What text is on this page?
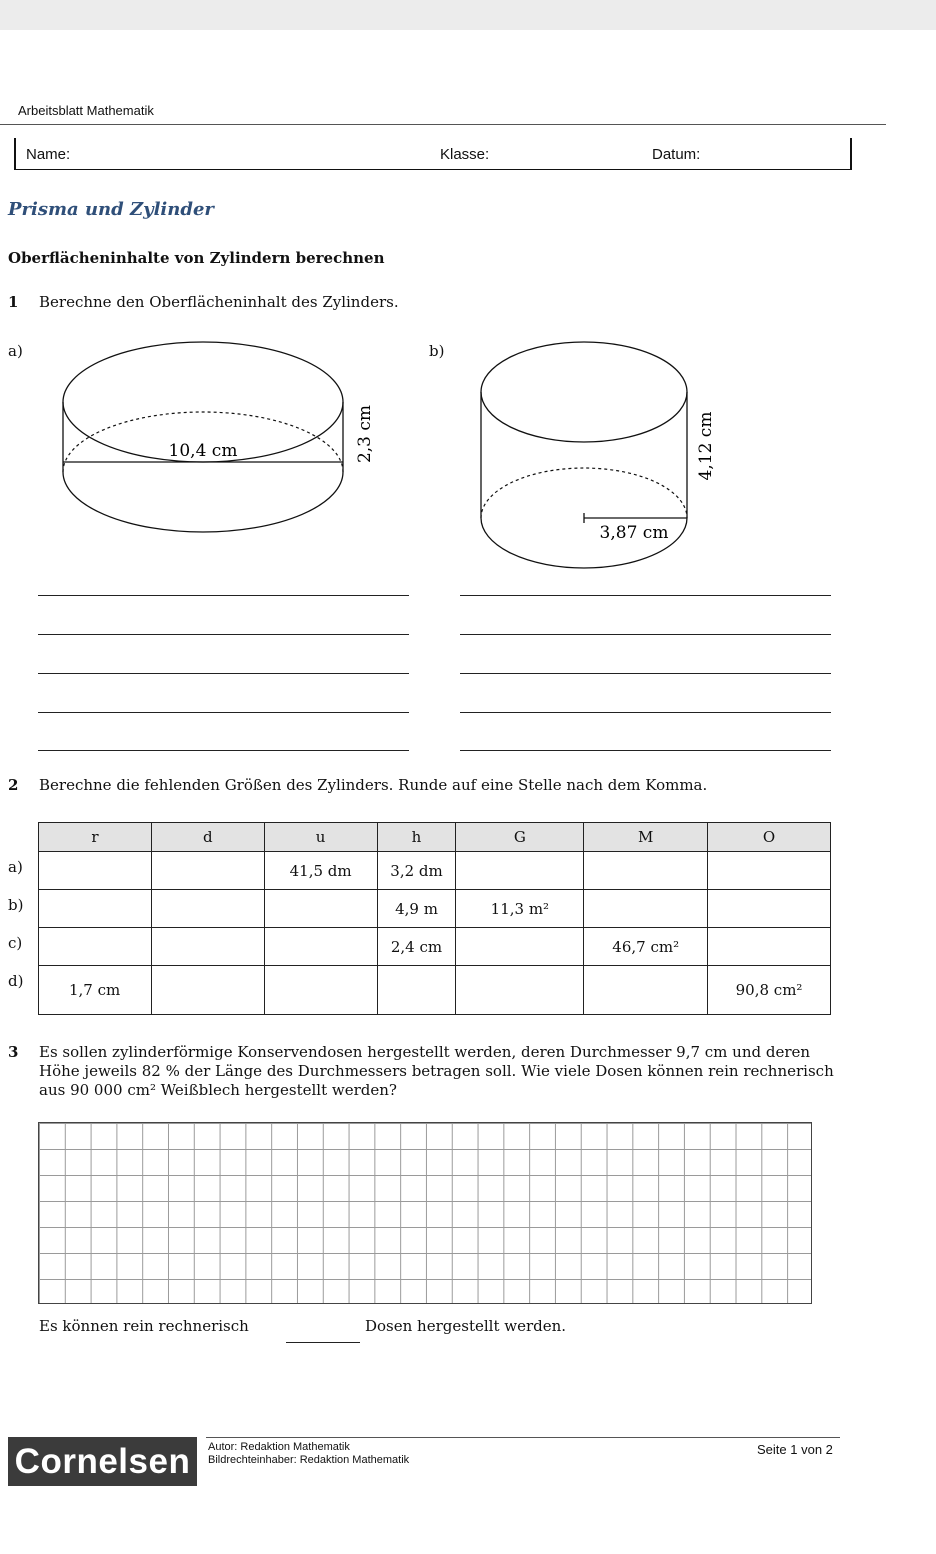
Arbeitsblatt Mathematik
Name:	Klasse:	Datum:
Prisma und Zylinder
Oberflächeninhalte von Zylindern berechnen
1 Berechne den Oberflächeninhalt des Zylinders.
a)	b)
10,4 cm	2,3 cm
3,87 cm
4,12 cm
2 Berechne die fehlenden Größen des Zylinders. Runde auf eine Stelle nach dem Komma.
a)
b)
c)
d)
r	d	u	h	G	M	O
		41,5 dm	3,2 dm			
			4,9 m	11,3 m²		
			2,4 cm		46,7 cm²	
1,7 cm						90,8 cm²
3 Es sollen zylinderförmige Konservendosen hergestellt werden, deren Durchmesser 9,7 cm und deren
Höhe jeweils 82 % der Länge des Durchmessers betragen soll. Wie viele Dosen können rein rechnerisch
aus 90 000 cm² Weißblech hergestellt werden?
Es können rein rechnerisch	Dosen hergestellt werden.
Cornelsen	Autor: Redaktion Mathematik
Bildrechteinhaber: Redaktion Mathematik
Seite 1 von 2
